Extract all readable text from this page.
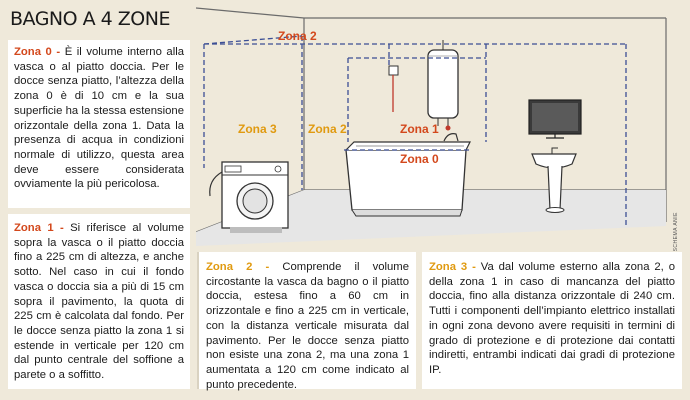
BAGNO A 4 ZONE
Zona 2
Zona 3	Zona 2	Zona 1
Zona 0
SCHEMA ANIE
Zona 0 - È il volume interno alla vasca o al piatto doccia. Per le docce senza piatto, l’altezza della zona 0 è di 10 cm e la sua superficie ha la stessa estensione orizzontale della zona 1. Data la presenza di acqua in condizioni normale di utilizzo, questa area deve essere considerata ovviamente la più pericolosa.
Zona 1 - Si riferisce al volume sopra la vasca o il piatto doccia fino a 225 cm di altezza, e anche sotto. Nel caso in cui il fondo vasca o doccia sia a più di 15 cm sopra il pavimento, la quota di 225 cm è calcolata dal fondo. Per le docce senza piatto la zona 1 si estende in verticale per 120 cm dal punto centrale del soffione a parete o a soffitto.
Zona 2 - Comprende il volume circostante la vasca da bagno o il piatto doccia, estesa fino a 60 cm in orizzontale e fino a 225 cm in verticale, con la distanza verticale misurata dal pavimento. Per le docce senza piatto non esiste una zona 2, ma una zona 1 aumentata a 120 cm come indicato al punto precedente.
Zona 3 - Va dal volume esterno alla zona 2, o della zona 1 in caso di mancanza del piatto doccia, fino alla distanza orizzontale di 240 cm. Tutti i componenti dell’impianto elettrico installati in ogni zona devono avere requisiti in termini di grado di protezione e di protezione dai contatti indiretti, entrambi indicati dai gradi di protezione IP.
